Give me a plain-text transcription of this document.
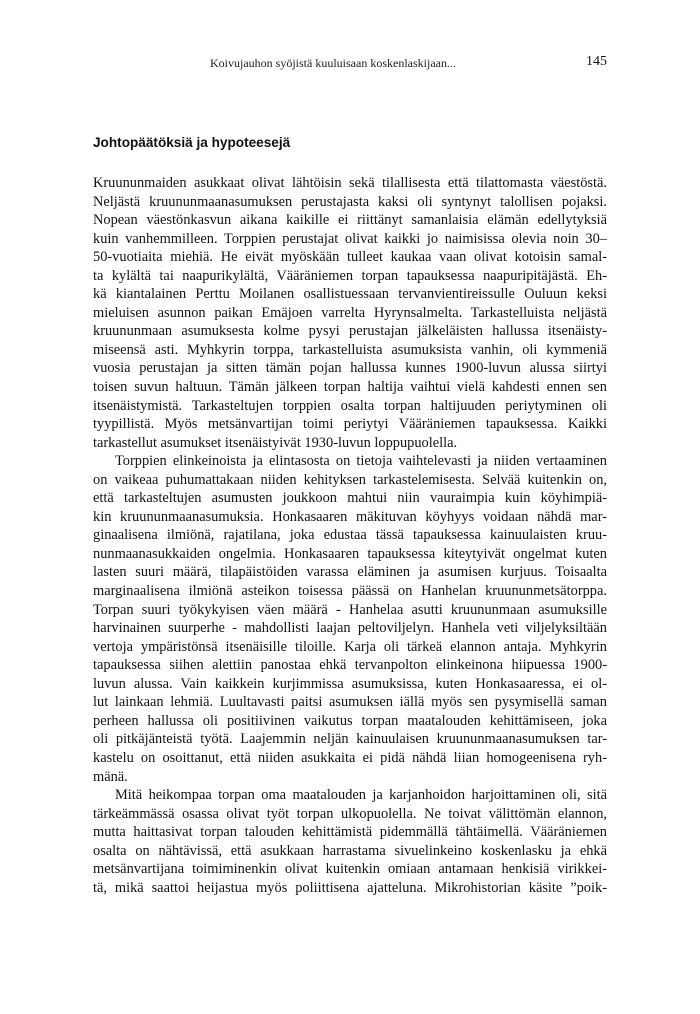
Koivujauhon syöjistä kuuluisaan koskenlaskijaan...	145
Johtopäätöksiä ja hypoteesejä
Kruununmaiden asukkaat olivat lähtöisin sekä tilallisesta että tilattomasta väestöstä.
Neljästä kruununmaanasumuksen perustajasta kaksi oli syntynyt talollisen pojaksi.
Nopean väestönkasvun aikana kaikille ei riittänyt samanlaisia elämän edellytyksiä
kuin vanhemmilleen. Torppien perustajat olivat kaikki jo naimisissa olevia noin 30–
50-vuotiaita miehiä. He eivät myöskään tulleet kaukaa vaan olivat kotoisin samal-
ta kylältä tai naapurikylältä, Vääräniemen torpan tapauksessa naapuripitäjästä. Eh-
kä kiantalainen Perttu Moilanen osallistuessaan tervanvientireissulle Ouluun keksi
mieluisen asunnon paikan Emäjoen varrelta Hyrynsalmelta. Tarkastelluista neljästä
kruununmaan asumuksesta kolme pysyi perustajan jälkeläisten hallussa itsenäisty-
miseensä asti. Myhkyrin torppa, tarkastelluista asumuksista vanhin, oli kymmeniä
vuosia perustajan ja sitten tämän pojan hallussa kunnes 1900-luvun alussa siirtyi
toisen suvun haltuun. Tämän jälkeen torpan haltija vaihtui vielä kahdesti ennen sen
itsenäistymistä. Tarkasteltujen torppien osalta torpan haltijuuden periytyminen oli
tyypillistä. Myös metsänvartijan toimi periytyi Vääräniemen tapauksessa. Kaikki
tarkastellut asumukset itsenäistyivät 1930-luvun loppupuolella.
Torppien elinkeinoista ja elintasosta on tietoja vaihtelevasti ja niiden vertaaminen
on vaikeaa puhumattakaan niiden kehityksen tarkastelemisesta. Selvää kuitenkin on,
että tarkasteltujen asumusten joukkoon mahtui niin vauraimpia kuin köyhimpiä-
kin kruununmaanasumuksia. Honkasaaren mäkituvan köyhyys voidaan nähdä mar-
ginaalisena ilmiönä, rajatilana, joka edustaa tässä tapauksessa kainuulaisten kruu-
nunmaanasukkaiden ongelmia. Honkasaaren tapauksessa kiteytyivät ongelmat kuten
lasten suuri määrä, tilapäistöiden varassa eläminen ja asumisen kurjuus. Toisaalta
marginaalisena ilmiönä asteikon toisessa päässä on Hanhelan kruununmetsätorppa.
Torpan suuri työkykyisen väen määrä - Hanhelaa asutti kruununmaan asumuksille
harvinainen suurperhe - mahdollisti laajan peltoviljelyn. Hanhela veti viljelyksiltään
vertoja ympäristönsä itsenäisille tiloille. Karja oli tärkeä elannon antaja. Myhkyrin
tapauksessa siihen alettiin panostaa ehkä tervanpolton elinkeinona hiipuessa 1900-
luvun alussa. Vain kaikkein kurjimmissa asumuksissa, kuten Honkasaaressa, ei ol-
lut lainkaan lehmiä. Luultavasti paitsi asumuksen iällä myös sen pysymisellä saman
perheen hallussa oli positiivinen vaikutus torpan maatalouden kehittämiseen, joka
oli pitkäjänteistä työtä. Laajemmin neljän kainuulaisen kruununmaanasumuksen tar-
kastelu on osoittanut, että niiden asukkaita ei pidä nähdä liian homogeenisena ryh-
mänä.
Mitä heikompaa torpan oma maatalouden ja karjanhoidon harjoittaminen oli, sitä
tärkeämmässä osassa olivat työt torpan ulkopuolella. Ne toivat välittömän elannon,
mutta haittasivat torpan talouden kehittämistä pidemmällä tähtäimellä. Vääräniemen
osalta on nähtävissä, että asukkaan harrastama sivuelinkeino koskenlasku ja ehkä
metsänvartijana toimiminenkin olivat kuitenkin omiaan antamaan henkisiä virikkei-
tä, mikä saattoi heijastua myös poliittisena ajatteluna. Mikrohistorian käsite ”poik-
